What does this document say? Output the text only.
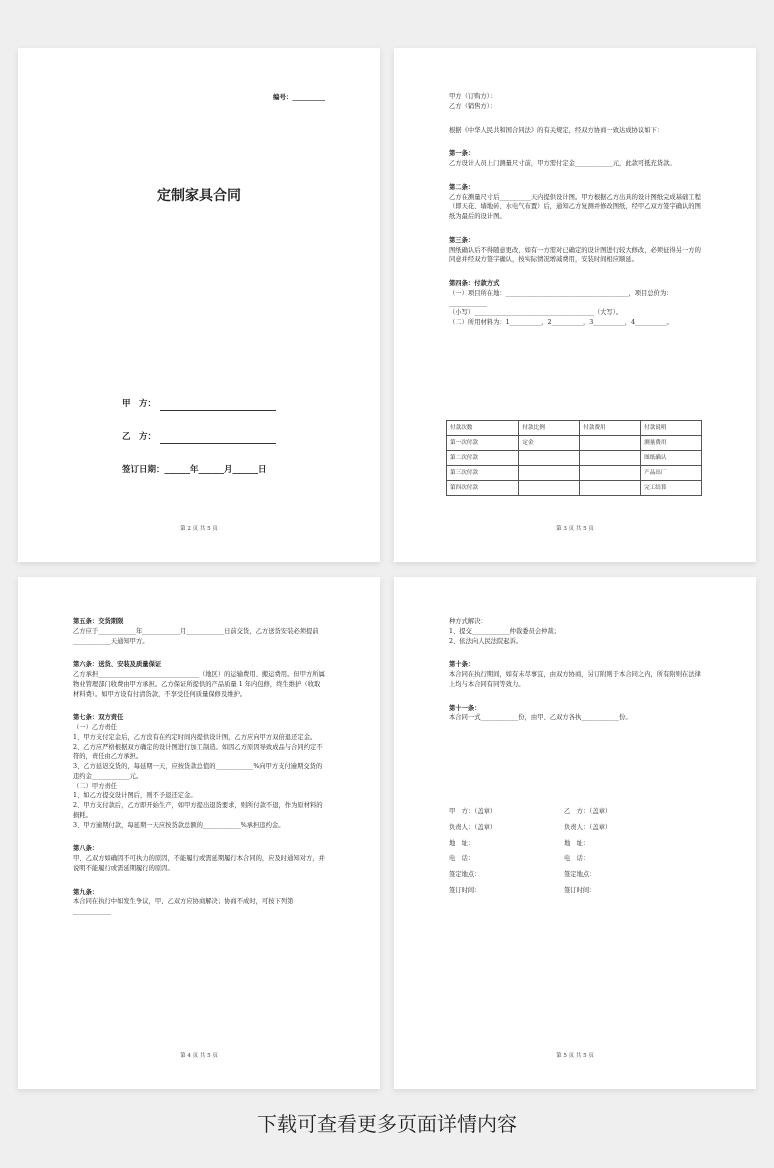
编号：__________
定制家具合同
甲　方：
乙　方：
签订日期：______年______月______日
第 2 页 共 5 页

甲方（订购方）：

乙方（销售方）：

根据《中华人民共和国合同法》的有关规定，经双方协商一致达成协议如下：

第一条：

乙方设计人员上门测量尺寸前，甲方需付定金____________元，此款可抵充货款。

第二条：

乙方在测量尺寸后__________天内提供设计图。甲方根据乙方出具的设计图纸完成基础工程（即天花、墙地砖、水电气布置）后，通知乙方复测并修改图纸，经甲乙双方签字确认的图纸为最后的设计图。

第三条：

图纸确认后不得随意更改，如有一方需对已确定的设计图进行较大修改，必须征得另一方的同意并经双方签字确认，按实际情况增减费用，安装时间相应顺延。

第四条：付款方式

（一）项目所在地：_______________________________________，项目总价为：____________

（小写）______________________________________（大写）。

（二）所用材料为：1__________，2__________，3__________，4__________。

付款次数	付款比例	付款费用	付款说明
第一次付款	定金		测量费用
第二次付款			图纸确认
第三次付款			产品出厂
第四次付款			完工结算
第 3 页 共 5 页

第五条：交货期限

乙方应于____________年____________月____________日前交货，乙方送货安装必须提前____________天通知甲方。

第六条：送货、安装及质量保证

乙方承担________________________________（地区）的运输费用、搬运费用。但甲方所属物业管理部门收费由甲方承担。乙方保证所提供的产品质量 1 年内包修，终生维护（收取材料费）。如甲方设有付清货款，不享受任何质量保修及维护。

第七条：双方责任

（一）乙方责任

1、甲方支付定金后，乙方没有在约定时间内提供设计图，乙方应向甲方双倍退还定金。

2、乙方应严格根据双方确定的设计图进行加工制造。如因乙方原因导致成品与合同约定不符的，责任由乙方承担。

3、乙方延迟交货的，每延期一天，应按货款总值的____________%向甲方支付逾期交货的违约金____________元。

（二）甲方责任

1、如乙方提交设计图后，则不予退还定金。

2、甲方支付款后，乙方即开始生产，如甲方提出退货要求，则所付款不退，作为原材料的损耗。

3、甲方逾期付款，每延期一天应按货款总额的____________%承担违约金。

第八条：

甲、乙双方如确因不可执力的原因，不能履行或需延期履行本合同的，应及时通知对方，并说明不能履行或需延期履行的原因。

第九条：

本合同在执行中如发生争议，甲、乙双方应协商解决；协商不成时，可按下列第____________

第 4 页 共 5 页

种方式解决：

1、提交____________仲裁委员会仲裁；

2、依法向人民法院起诉。

第十条：

本合同在执行期间，如有未尽事宜，由双方协商，另订附则于本合同之内，所有附则在法律上均与本合同有同等效力。

第十一条：

本合同一式____________份，由甲、乙双方各执____________份。

甲　方：（盖章）	乙　方：（盖章）
负责人：（盖章）	负责人：（盖章）
地　址：	地　址：
电　话：	电　话：
签定地点：	签定地点：
签订时间：	签订时间：
第 5 页 共 5 页
下载可查看更多页面详情内容
